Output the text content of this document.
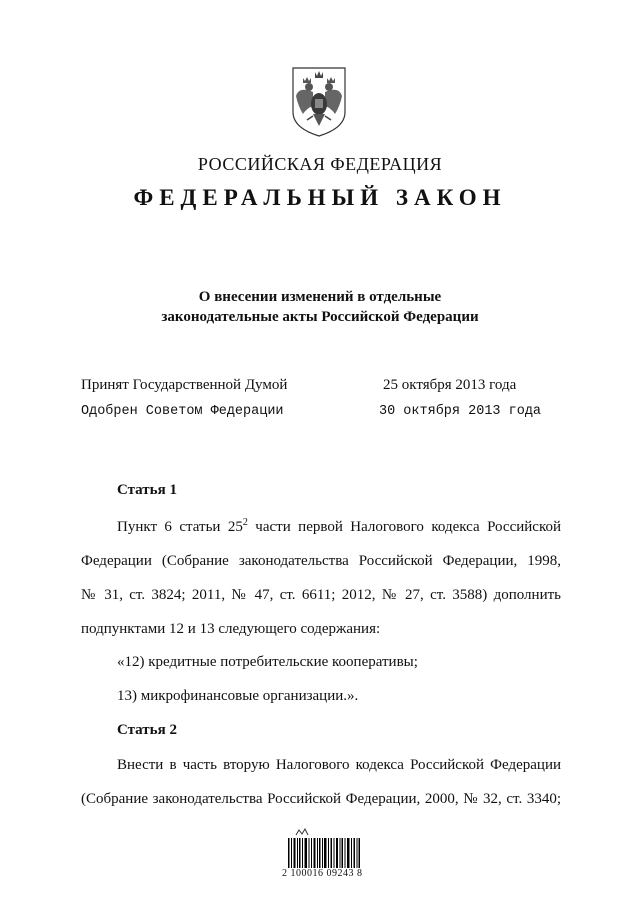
РОССИЙСКАЯ ФЕДЕРАЦИЯ
ФЕДЕРАЛЬНЫЙ ЗАКОН
О внесении изменений в отдельные
законодательные акты Российской Федерации
Принят Государственной Думой	25 октября 2013 года
Одобрен Советом Федерации	30 октября 2013 года
Статья 1
Пункт 6 статьи $25^2$ части первой Налогового кодекса Российской
Федерации (Собрание законодательства Российской Федерации, 1998,
№ 31, ст. 3824; 2011, № 47, ст. 6611; 2012, № 27, ст. 3588) дополнить
подпунктами 12 и 13 следующего содержания:
«12) кредитные потребительские кооперативы;
13) микрофинансовые организации.».
Статья 2
Внести в часть вторую Налогового кодекса Российской Федерации
(Собрание законодательства Российской Федерации, 2000, № 32, ст. 3340;
2 100016 09243 8
